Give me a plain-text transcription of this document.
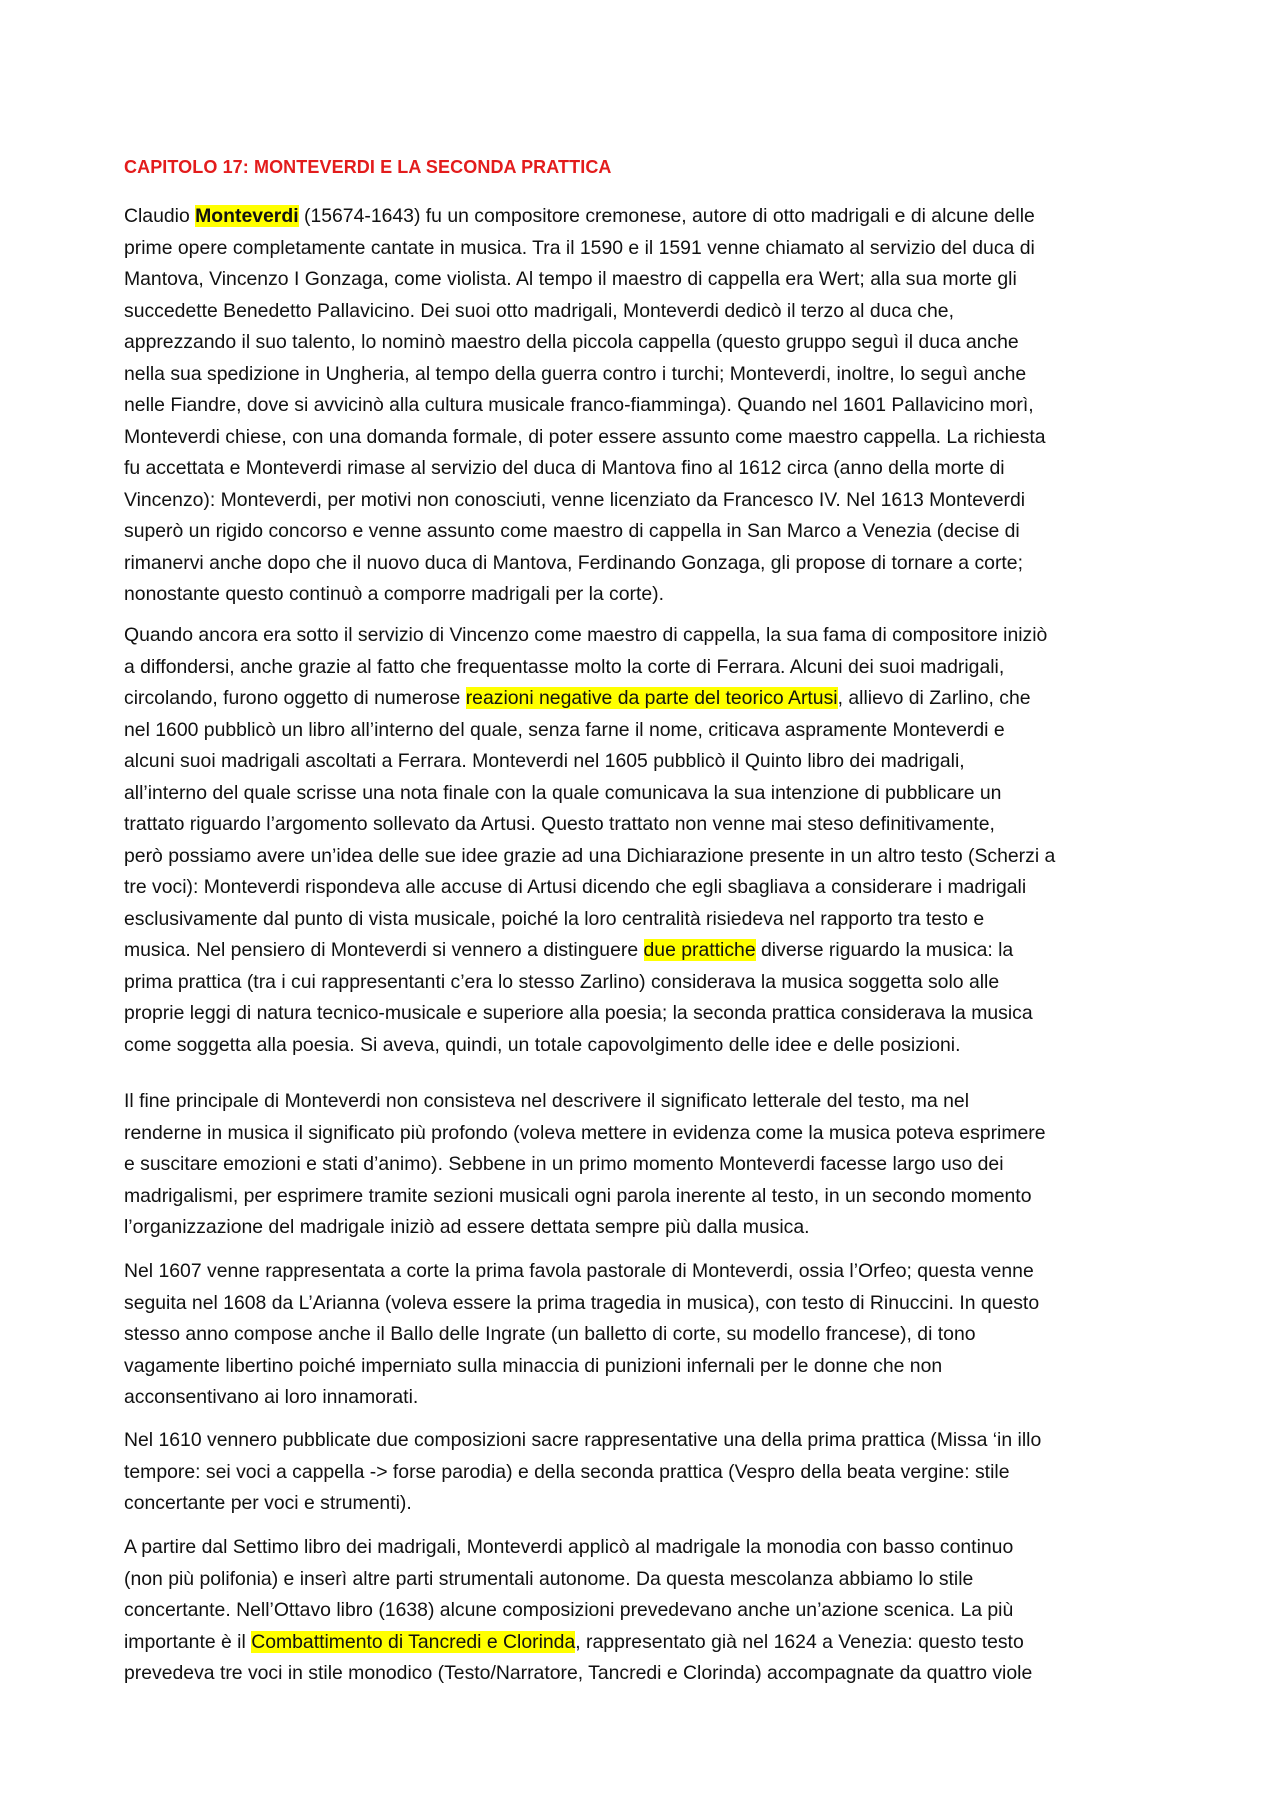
CAPITOLO 17: MONTEVERDI E LA SECONDA PRATTICA

Claudio Monteverdi (15674-1643) fu un compositore cremonese, autore di otto madrigali e di alcune delle
prime opere completamente cantate in musica. Tra il 1590 e il 1591 venne chiamato al servizio del duca di
Mantova, Vincenzo I Gonzaga, come violista. Al tempo il maestro di cappella era Wert; alla sua morte gli
succedette Benedetto Pallavicino. Dei suoi otto madrigali, Monteverdi dedicò il terzo al duca che,
apprezzando il suo talento, lo nominò maestro della piccola cappella (questo gruppo seguì il duca anche
nella sua spedizione in Ungheria, al tempo della guerra contro i turchi; Monteverdi, inoltre, lo seguì anche
nelle Fiandre, dove si avvicinò alla cultura musicale franco-fiamminga). Quando nel 1601 Pallavicino morì,
Monteverdi chiese, con una domanda formale, di poter essere assunto come maestro cappella. La richiesta
fu accettata e Monteverdi rimase al servizio del duca di Mantova fino al 1612 circa (anno della morte di
Vincenzo): Monteverdi, per motivi non conosciuti, venne licenziato da Francesco IV. Nel 1613 Monteverdi
superò un rigido concorso e venne assunto come maestro di cappella in San Marco a Venezia (decise di
rimanervi anche dopo che il nuovo duca di Mantova, Ferdinando Gonzaga, gli propose di tornare a corte;
nonostante questo continuò a comporre madrigali per la corte).

Quando ancora era sotto il servizio di Vincenzo come maestro di cappella, la sua fama di compositore iniziò
a diffondersi, anche grazie al fatto che frequentasse molto la corte di Ferrara. Alcuni dei suoi madrigali,
circolando, furono oggetto di numerose reazioni negative da parte del teorico Artusi, allievo di Zarlino, che
nel 1600 pubblicò un libro all’interno del quale, senza farne il nome, criticava aspramente Monteverdi e
alcuni suoi madrigali ascoltati a Ferrara. Monteverdi nel 1605 pubblicò il Quinto libro dei madrigali,
all’interno del quale scrisse una nota finale con la quale comunicava la sua intenzione di pubblicare un
trattato riguardo l’argomento sollevato da Artusi. Questo trattato non venne mai steso definitivamente,
però possiamo avere un’idea delle sue idee grazie ad una Dichiarazione presente in un altro testo (Scherzi a
tre voci): Monteverdi rispondeva alle accuse di Artusi dicendo che egli sbagliava a considerare i madrigali
esclusivamente dal punto di vista musicale, poiché la loro centralità risiedeva nel rapporto tra testo e
musica. Nel pensiero di Monteverdi si vennero a distinguere due prattiche diverse riguardo la musica: la
prima prattica (tra i cui rappresentanti c’era lo stesso Zarlino) considerava la musica soggetta solo alle
proprie leggi di natura tecnico-musicale e superiore alla poesia; la seconda prattica considerava la musica
come soggetta alla poesia. Si aveva, quindi, un totale capovolgimento delle idee e delle posizioni.

Il fine principale di Monteverdi non consisteva nel descrivere il significato letterale del testo, ma nel
renderne in musica il significato più profondo (voleva mettere in evidenza come la musica poteva esprimere
e suscitare emozioni e stati d’animo). Sebbene in un primo momento Monteverdi facesse largo uso dei
madrigalismi, per esprimere tramite sezioni musicali ogni parola inerente al testo, in un secondo momento
l’organizzazione del madrigale iniziò ad essere dettata sempre più dalla musica.

Nel 1607 venne rappresentata a corte la prima favola pastorale di Monteverdi, ossia l’Orfeo; questa venne
seguita nel 1608 da L’Arianna (voleva essere la prima tragedia in musica), con testo di Rinuccini. In questo
stesso anno compose anche il Ballo delle Ingrate (un balletto di corte, su modello francese), di tono
vagamente libertino poiché imperniato sulla minaccia di punizioni infernali per le donne che non
acconsentivano ai loro innamorati.

Nel 1610 vennero pubblicate due composizioni sacre rappresentative una della prima prattica (Missa ‘in illo
tempore: sei voci a cappella -> forse parodia) e della seconda prattica (Vespro della beata vergine: stile
concertante per voci e strumenti).

A partire dal Settimo libro dei madrigali, Monteverdi applicò al madrigale la monodia con basso continuo
(non più polifonia) e inserì altre parti strumentali autonome. Da questa mescolanza abbiamo lo stile
concertante. Nell’Ottavo libro (1638) alcune composizioni prevedevano anche un’azione scenica. La più
importante è il Combattimento di Tancredi e Clorinda, rappresentato già nel 1624 a Venezia: questo testo
prevedeva tre voci in stile monodico (Testo/Narratore, Tancredi e Clorinda) accompagnate da quattro viole
